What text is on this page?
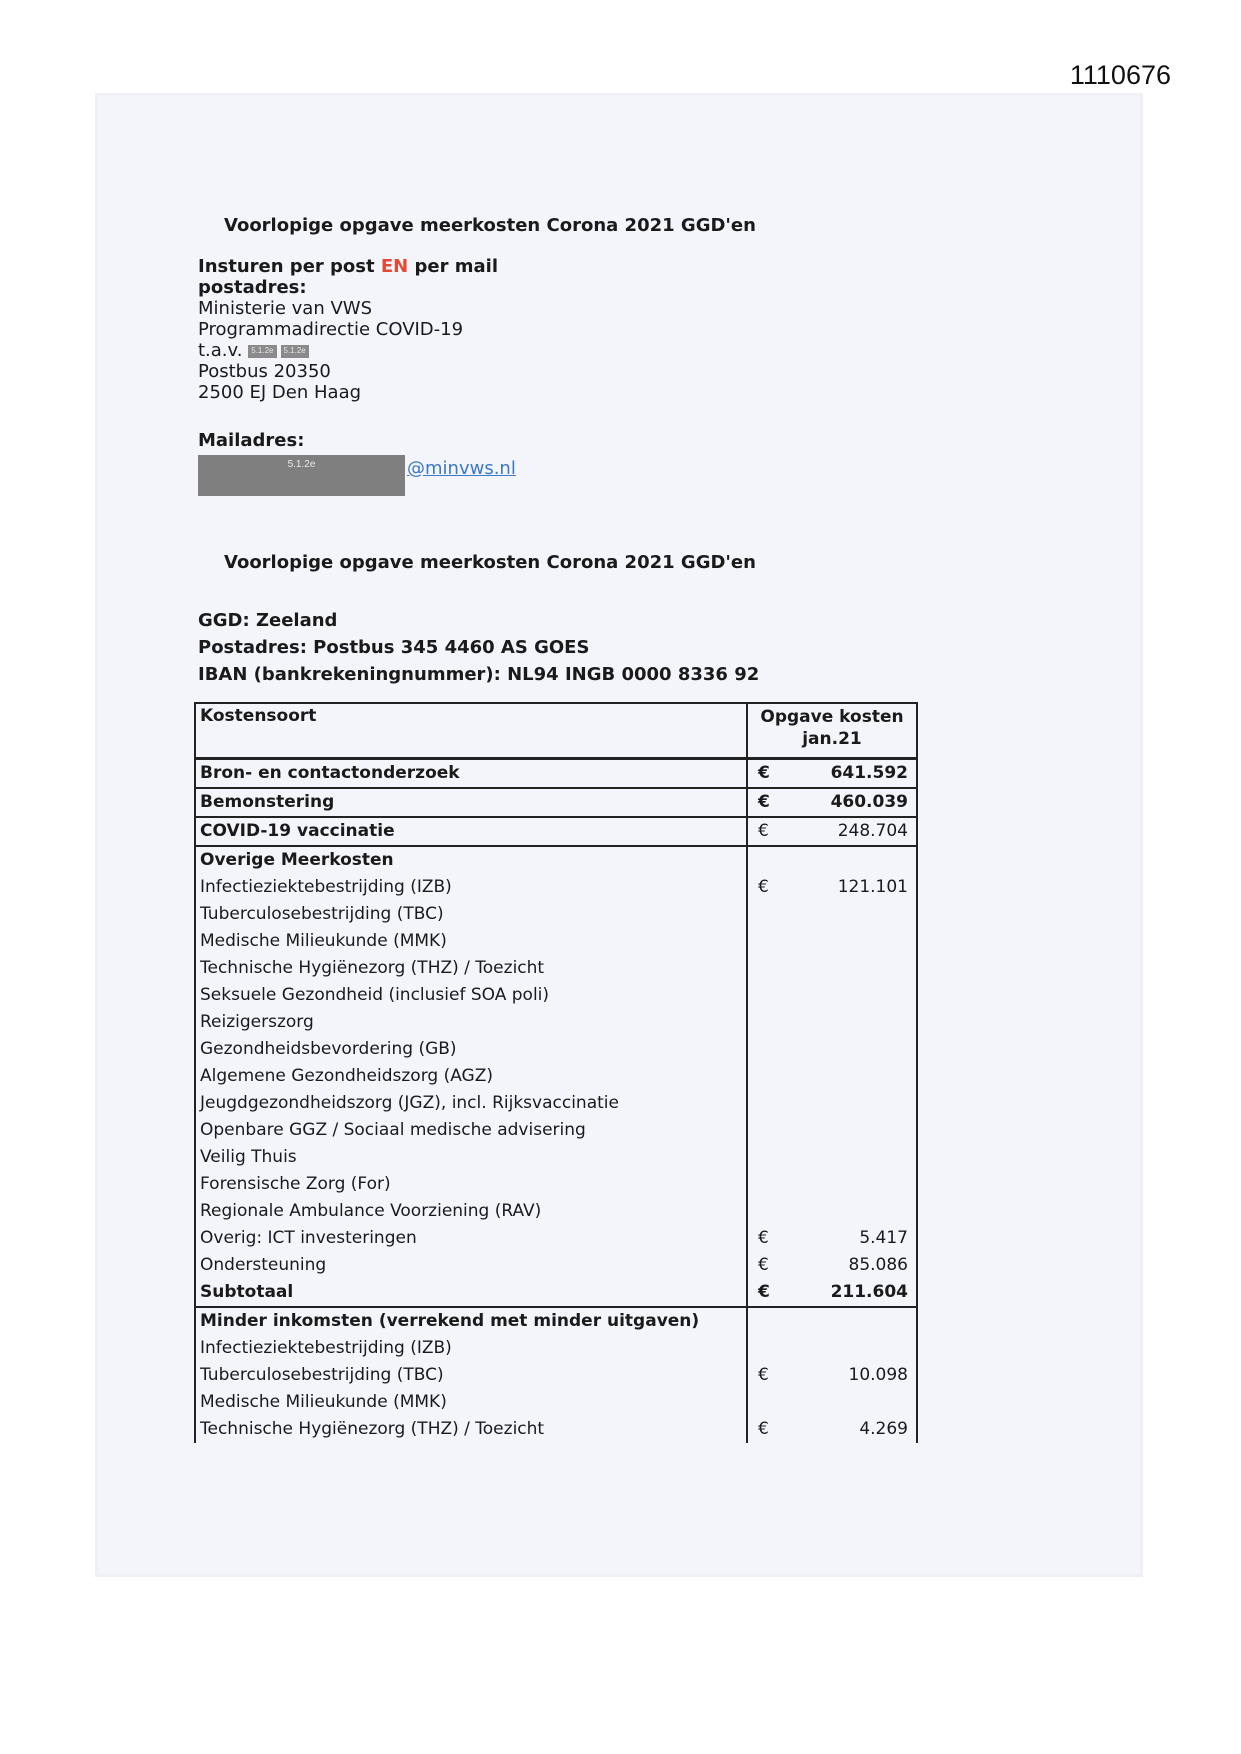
1110676
Voorlopige opgave meerkosten Corona 2021 GGD'en
Insturen per post EN per mail
postadres:
Ministerie van VWS
Programmadirectie COVID-19
t.a.v. 5.1.2e 5.1.2e
Postbus 20350
2500 EJ Den Haag
Mailadres:
5.1.2e	@minvws.nl
Voorlopige opgave meerkosten Corona 2021 GGD'en
GGD: Zeeland
Postadres: Postbus 345 4460 AS GOES
IBAN (bankrekeningnummer): NL94 INGB 0000 8336 92
Kostensoort	Opgave kosten
jan.21
Bron- en contactonderzoek	€	641.592
Bemonstering	€	460.039
COVID-19 vaccinatie	€	248.704
Overige Meerkosten
Infectieziektebestrijding (IZB)	€	121.101
Tuberculosebestrijding (TBC)
Medische Milieukunde (MMK)
Technische Hygiënezorg (THZ) / Toezicht
Seksuele Gezondheid (inclusief SOA poli)
Reizigerszorg
Gezondheidsbevordering (GB)
Algemene Gezondheidszorg (AGZ)
Jeugdgezondheidszorg (JGZ), incl. Rijksvaccinatie
Openbare GGZ / Sociaal medische advisering
Veilig Thuis
Forensische Zorg (For)
Regionale Ambulance Voorziening (RAV)
Overig: ICT investeringen	€	5.417
Ondersteuning	€	85.086
Subtotaal	€	211.604
Minder inkomsten (verrekend met minder uitgaven)
Infectieziektebestrijding (IZB)
Tuberculosebestrijding (TBC)	€	10.098
Medische Milieukunde (MMK)
Technische Hygiënezorg (THZ) / Toezicht	€	4.269
